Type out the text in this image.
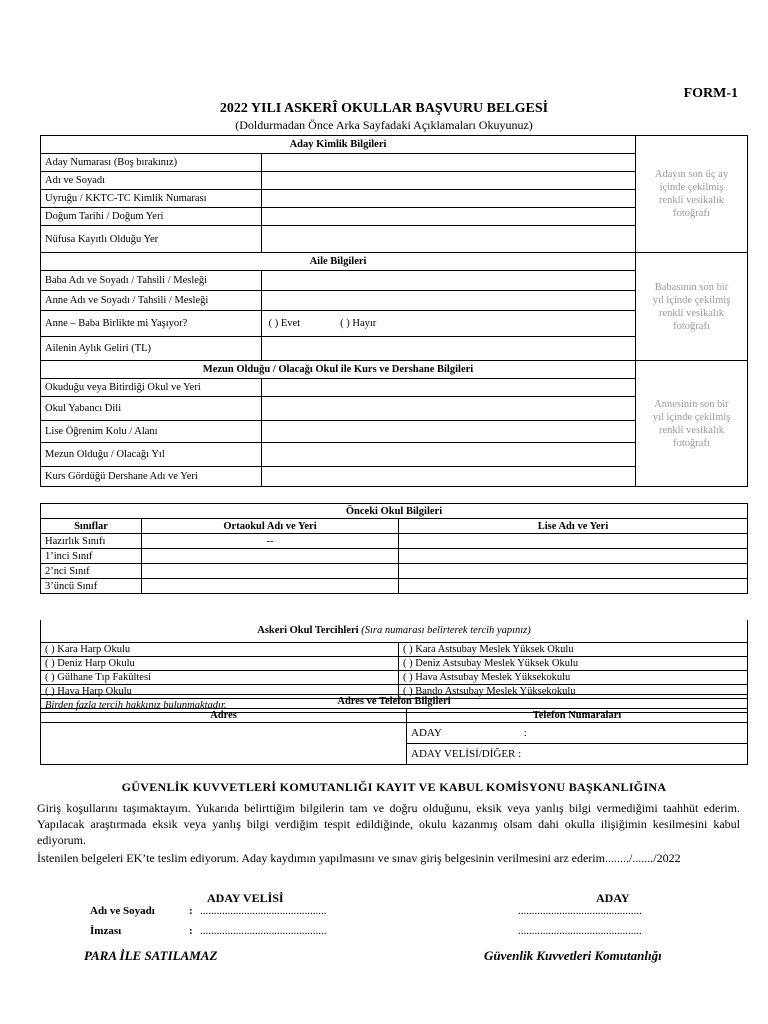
FORM-1
2022 YILI ASKERÎ OKULLAR BAŞVURU BELGESİ
(Doldurmadan Önce Arka Sayfadaki Açıklamaları Okuyunuz)
Aday Kimlik Bilgileri		Adayın son üç ay
içinde çekilmiş
renkli vesikalık
fotoğrafı
Aday Numarası (Boş bırakınız)		
Adı ve Soyadı		
Uyruğu / KKTC-TC Kimlik Numarası		
Doğum Tarihi / Doğum Yeri		
Nüfusa Kayıtlı Olduğu Yer		
Aile Bilgileri		Babasının son bir
yıl içinde çekilmiş
renkli vesikalık
fotoğrafı
Baba Adı ve Soyadı / Tahsili / Mesleği		
Anne Adı ve Soyadı / Tahsili / Mesleği		
Anne – Baba Birlikte mi Yaşıyor?	( ) Evet ( ) Hayır	
Ailenin Aylık Geliri (TL)		
Mezun Olduğu / Olacağı Okul ile Kurs ve Dershane Bilgileri		Annesinin son bir
yıl içinde çekilmiş
renkli vesikalık
fotoğrafı
Okuduğu veya Bitirdiği Okul ve Yeri		
Okul Yabancı Dili		
Lise Öğrenim Kolu / Alanı		
Mezun Olduğu / Olacağı Yıl		
Kurs Gördüğü Dershane Adı ve Yeri		
Önceki Okul Bilgileri		
Sınıflar	Ortaokul Adı ve Yeri	Lise Adı ve Yeri
Hazırlık Sınıfı	--	
1’inci Sınıf		
2’nci Sınıf		
3’üncü Sınıf		
Askeri Okul Tercihleri (Sıra numarası belirterek tercih yapınız)	
( ) Kara Harp Okulu	( ) Kara Astsubay Meslek Yüksek Okulu
( ) Deniz Harp Okulu	( ) Deniz Astsubay Meslek Yüksek Okulu
( ) Gülhane Tıp Fakültesi	( ) Hava Astsubay Meslek Yüksekokulu
( ) Hava Harp Okulu	( ) Bando Astsubay Meslek Yüksekokulu
Birden fazla tercih hakkınız bulunmaktadır.		Adres ve Telefon Bilgileri	
Adres	Telefon Numaraları
	ADAY :
	ADAY VELİSİ/DİĞER :
GÜVENLİK KUVVETLERİ KOMUTANLIĞI KAYIT VE KABUL KOMİSYONU BAŞKANLIĞINA
Giriş koşullarını taşımaktayım. Yukarıda belirttiğim bilgilerin tam ve doğru olduğunu, eksik veya yanlış bilgi vermediğimi taahhüt ederim. Yapılacak araştırmada eksik veya yanlış bilgi verdiğim tespit edildiğinde, okulu kazanmış olsam dahi okulla ilişiğimin kesilmesini kabul ediyorum.
İstenilen belgeleri EK’te teslim ediyorum. Aday kaydımın yapılmasını ve sınav giriş belgesinin verilmesini arz ederim......../......./2022
ADAY VELİSİ	ADAY
Adı ve Soyadı	: ..............................................	.............................................
İmzası	: ..............................................	.............................................
PARA İLE SATILAMAZ	Güvenlik Kuvvetleri Komutanlığı
